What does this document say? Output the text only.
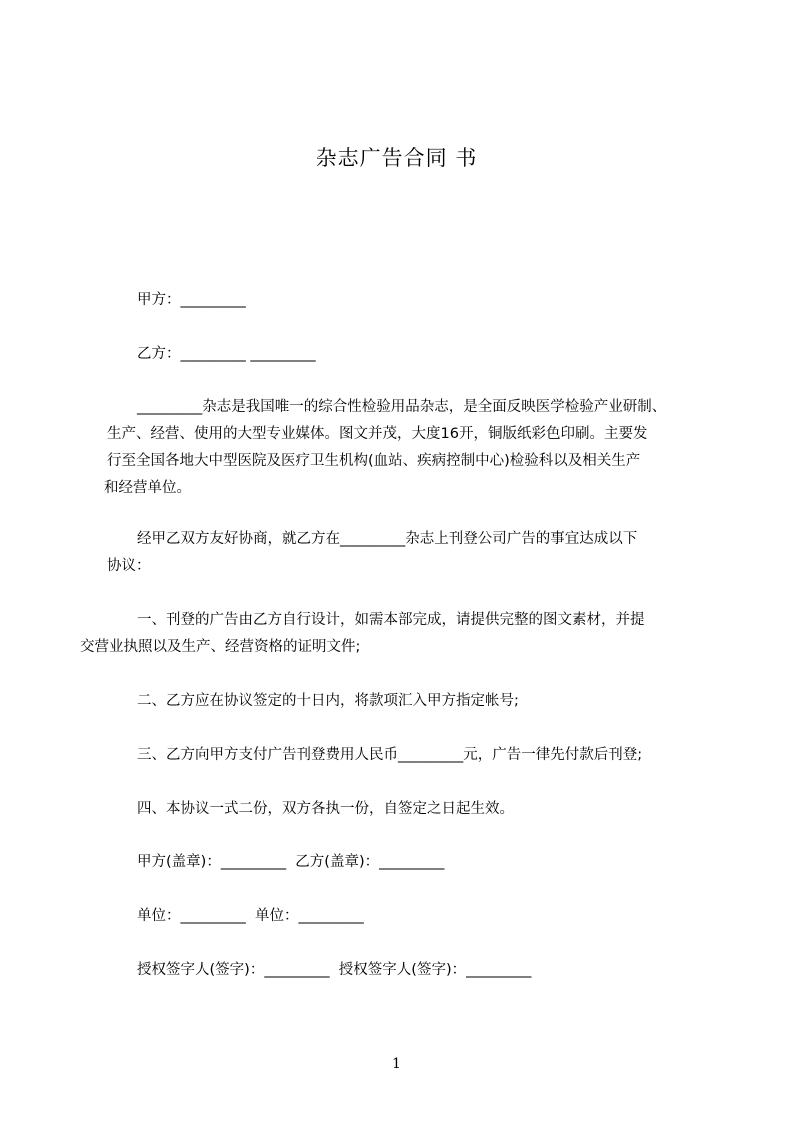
杂志广告合同 书
甲方：_________
乙方：_________ _________
_________杂志是我国唯一的综合性检验用品杂志，是全面反映医学检验产业研制、
生产、经营、使用的大型专业媒体。图文并茂，大度16开，铜版纸彩色印刷。主要发
行至全国各地大中型医院及医疗卫生机构(血站、疾病控制中心)检验科以及相关生产
和经营单位。
经甲乙双方友好协商，就乙方在_________杂志上刊登公司广告的事宜达成以下
协议：
一、刊登的广告由乙方自行设计，如需本部完成，请提供完整的图文素材，并提
交营业执照以及生产、经营资格的证明文件;
二、乙方应在协议签定的十日内，将款项汇入甲方指定帐号;
三、乙方向甲方支付广告刊登费用人民币_________元，广告一律先付款后刊登;
四、本协议一式二份，双方各执一份，自签定之日起生效。
甲方(盖章)：_________  乙方(盖章)：_________
单位：_________  单位：_________
授权签字人(签字)：_________  授权签字人(签字)：_________
1
